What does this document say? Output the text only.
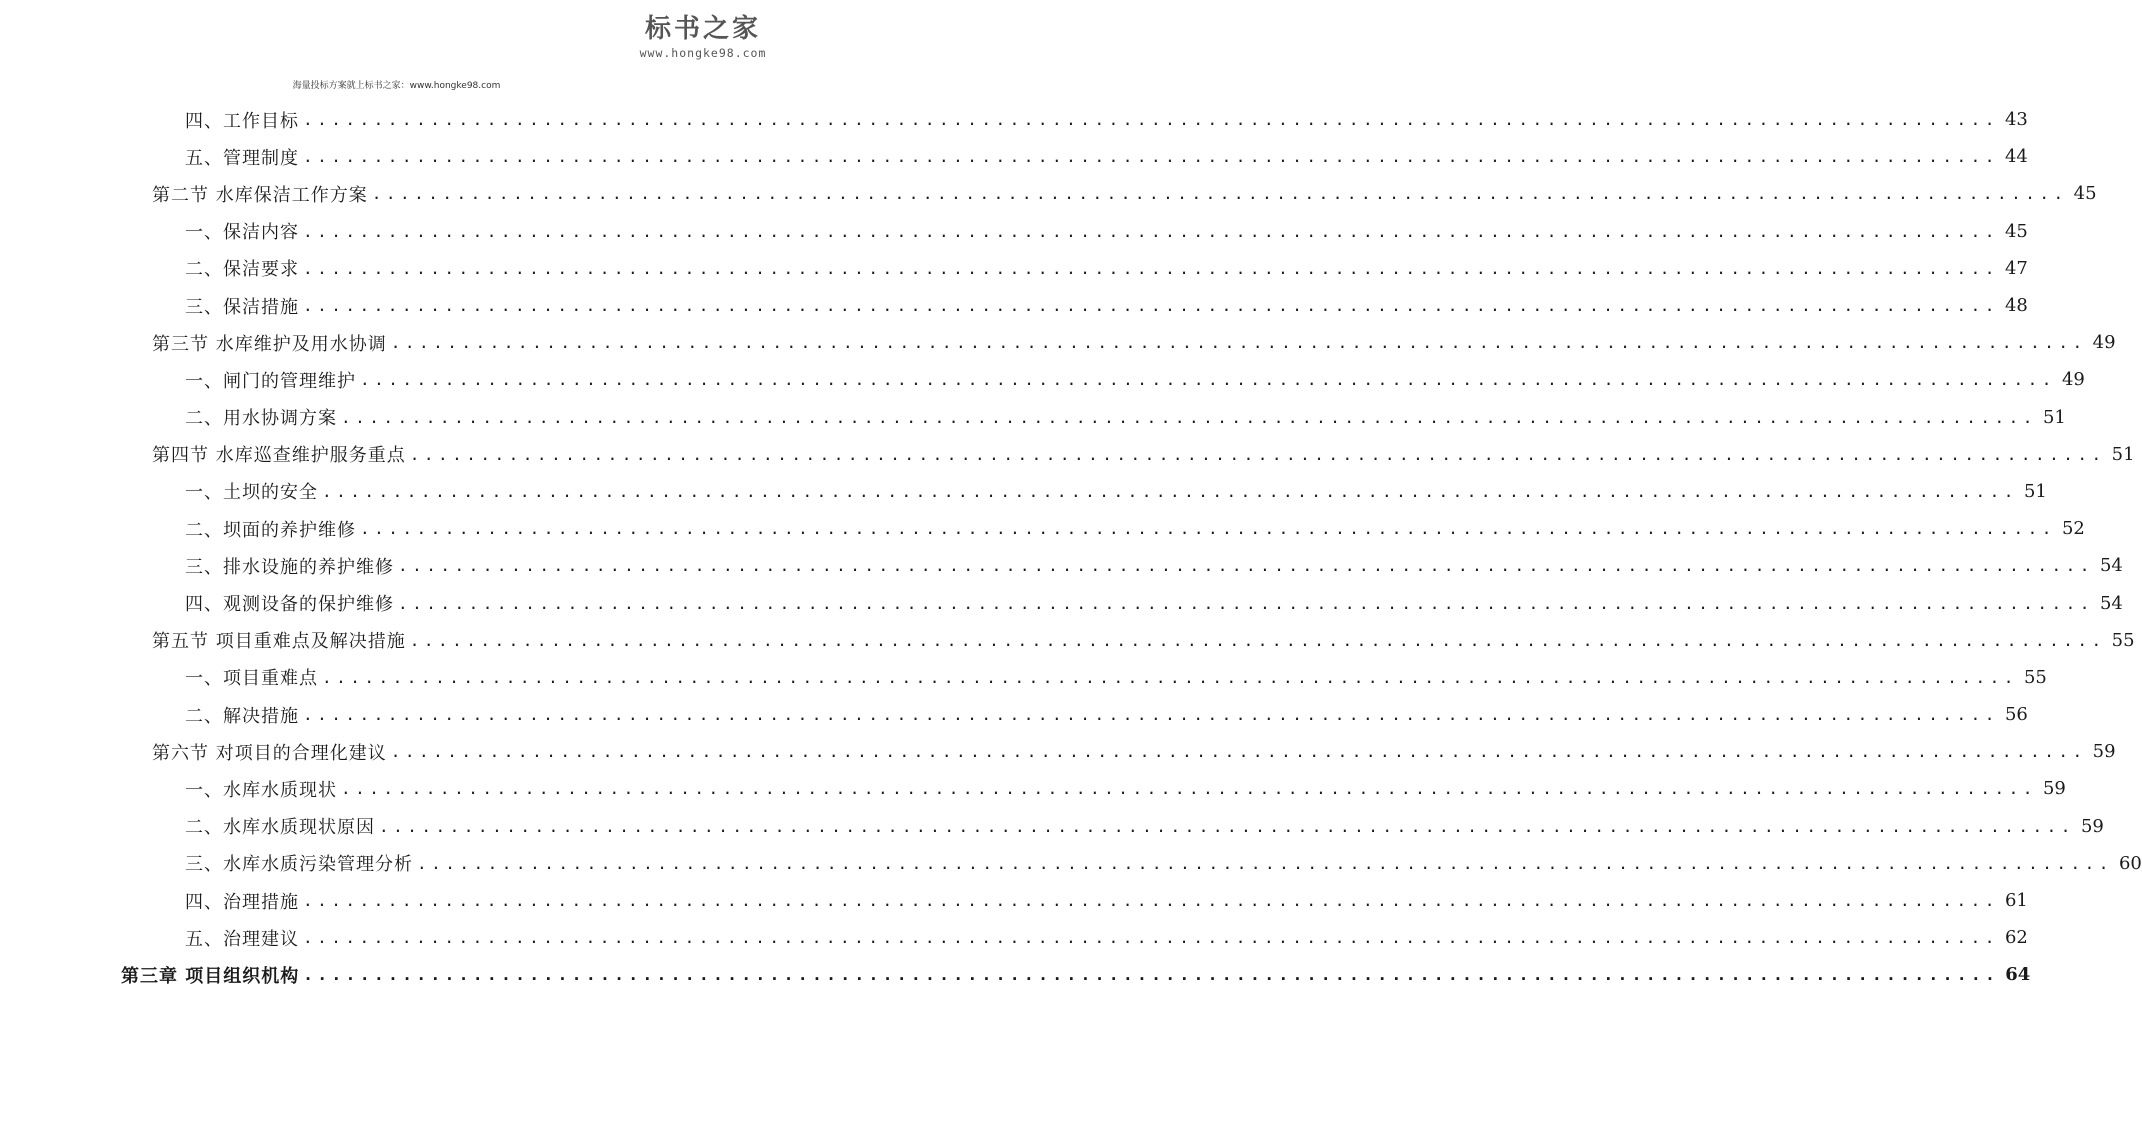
标书之家
www.hongke98.com
海量投标方案就上标书之家：www.hongke98.com
四、工作目标 ........................................................................................................................ 43
五、管理制度 ........................................................................................................................ 44
第二节 水库保洁工作方案 ........................................................................................................................ 45
一、保洁内容 ........................................................................................................................ 45
二、保洁要求 ........................................................................................................................ 47
三、保洁措施 ........................................................................................................................ 48
第三节 水库维护及用水协调 ........................................................................................................................ 49
一、闸门的管理维护 ........................................................................................................................ 49
二、用水协调方案 ........................................................................................................................ 51
第四节 水库巡查维护服务重点 ........................................................................................................................ 51
一、土坝的安全 ........................................................................................................................ 51
二、坝面的养护维修 ........................................................................................................................ 52
三、排水设施的养护维修 ........................................................................................................................ 54
四、观测设备的保护维修 ........................................................................................................................ 54
第五节 项目重难点及解决措施 ........................................................................................................................ 55
一、项目重难点 ........................................................................................................................ 55
二、解决措施 ........................................................................................................................ 56
第六节 对项目的合理化建议 ........................................................................................................................ 59
一、水库水质现状 ........................................................................................................................ 59
二、水库水质现状原因 ........................................................................................................................ 59
三、水库水质污染管理分析 ........................................................................................................................ 60
四、治理措施 ........................................................................................................................ 61
五、治理建议 ........................................................................................................................ 62
第三章 项目组织机构 ........................................................................................................................ 64
